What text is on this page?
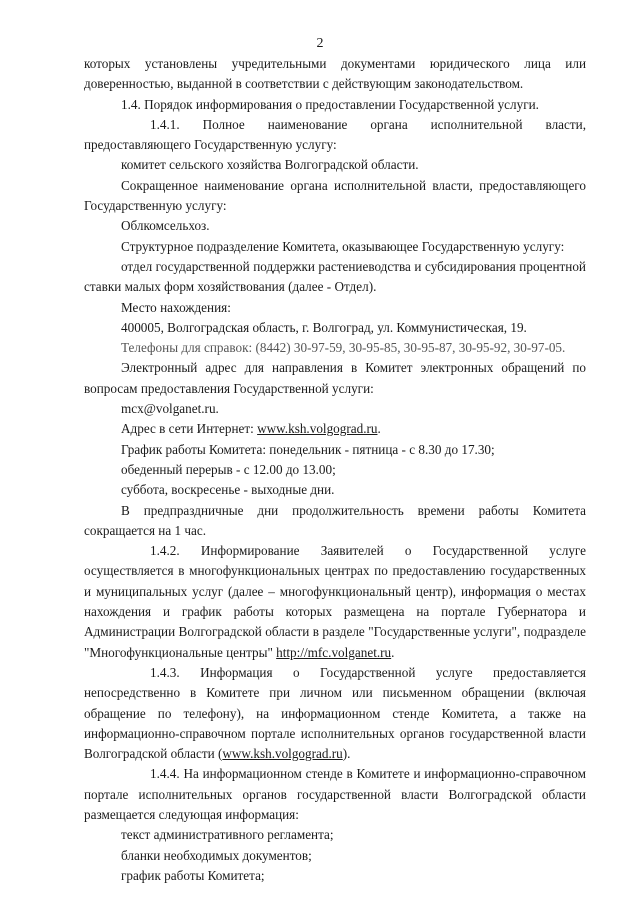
2

которых установлены учредительными документами юридического лица или доверенностью, выданной в соответствии с действующим законодательством.

1.4. Порядок информирования о предоставлении Государственной услуги.

1.4.1. Полное наименование органа исполнительной власти, предоставляющего Государственную услугу:

комитет сельского хозяйства Волгоградской области.

Сокращенное наименование органа исполнительной власти, предоставляющего Государственную услугу:

Облкомсельхоз.

Структурное подразделение Комитета, оказывающее Государственную услугу:

отдел государственной поддержки растениеводства и субсидирования процентной ставки малых форм хозяйствования (далее - Отдел).

Место нахождения:

400005, Волгоградская область, г. Волгоград, ул. Коммунистическая, 19.

Телефоны для справок: (8442) 30-97-59, 30-95-85, 30-95-87, 30-95-92, 30-97-05.

Электронный адрес для направления в Комитет электронных обращений по вопросам предоставления Государственной услуги:

mcx@volganet.ru.

Адрес в сети Интернет: www.ksh.volgograd.ru.

График работы Комитета: понедельник - пятница - с 8.30 до 17.30;

обеденный перерыв - с 12.00 до 13.00;

суббота, воскресенье - выходные дни.

В предпраздничные дни продолжительность времени работы Комитета сокращается на 1 час.

1.4.2. Информирование Заявителей о Государственной услуге осуществляется в многофункциональных центрах по предоставлению государственных и муниципальных услуг (далее – многофункциональный центр), информация о местах нахождения и график работы которых размещена на портале Губернатора и Администрации Волгоградской области в разделе "Государственные услуги", подразделе "Многофункциональные центры" http://mfc.volganet.ru.

1.4.3. Информация о Государственной услуге предоставляется непосредственно в Комитете при личном или письменном обращении (включая обращение по телефону), на информационном стенде Комитета, а также на информационно-справочном портале исполнительных органов государственной власти Волгоградской области (www.ksh.volgograd.ru).

1.4.4. На информационном стенде в Комитете и информационно-справочном портале исполнительных органов государственной власти Волгоградской области размещается следующая информация:

текст административного регламента;

бланки необходимых документов;

график работы Комитета;
